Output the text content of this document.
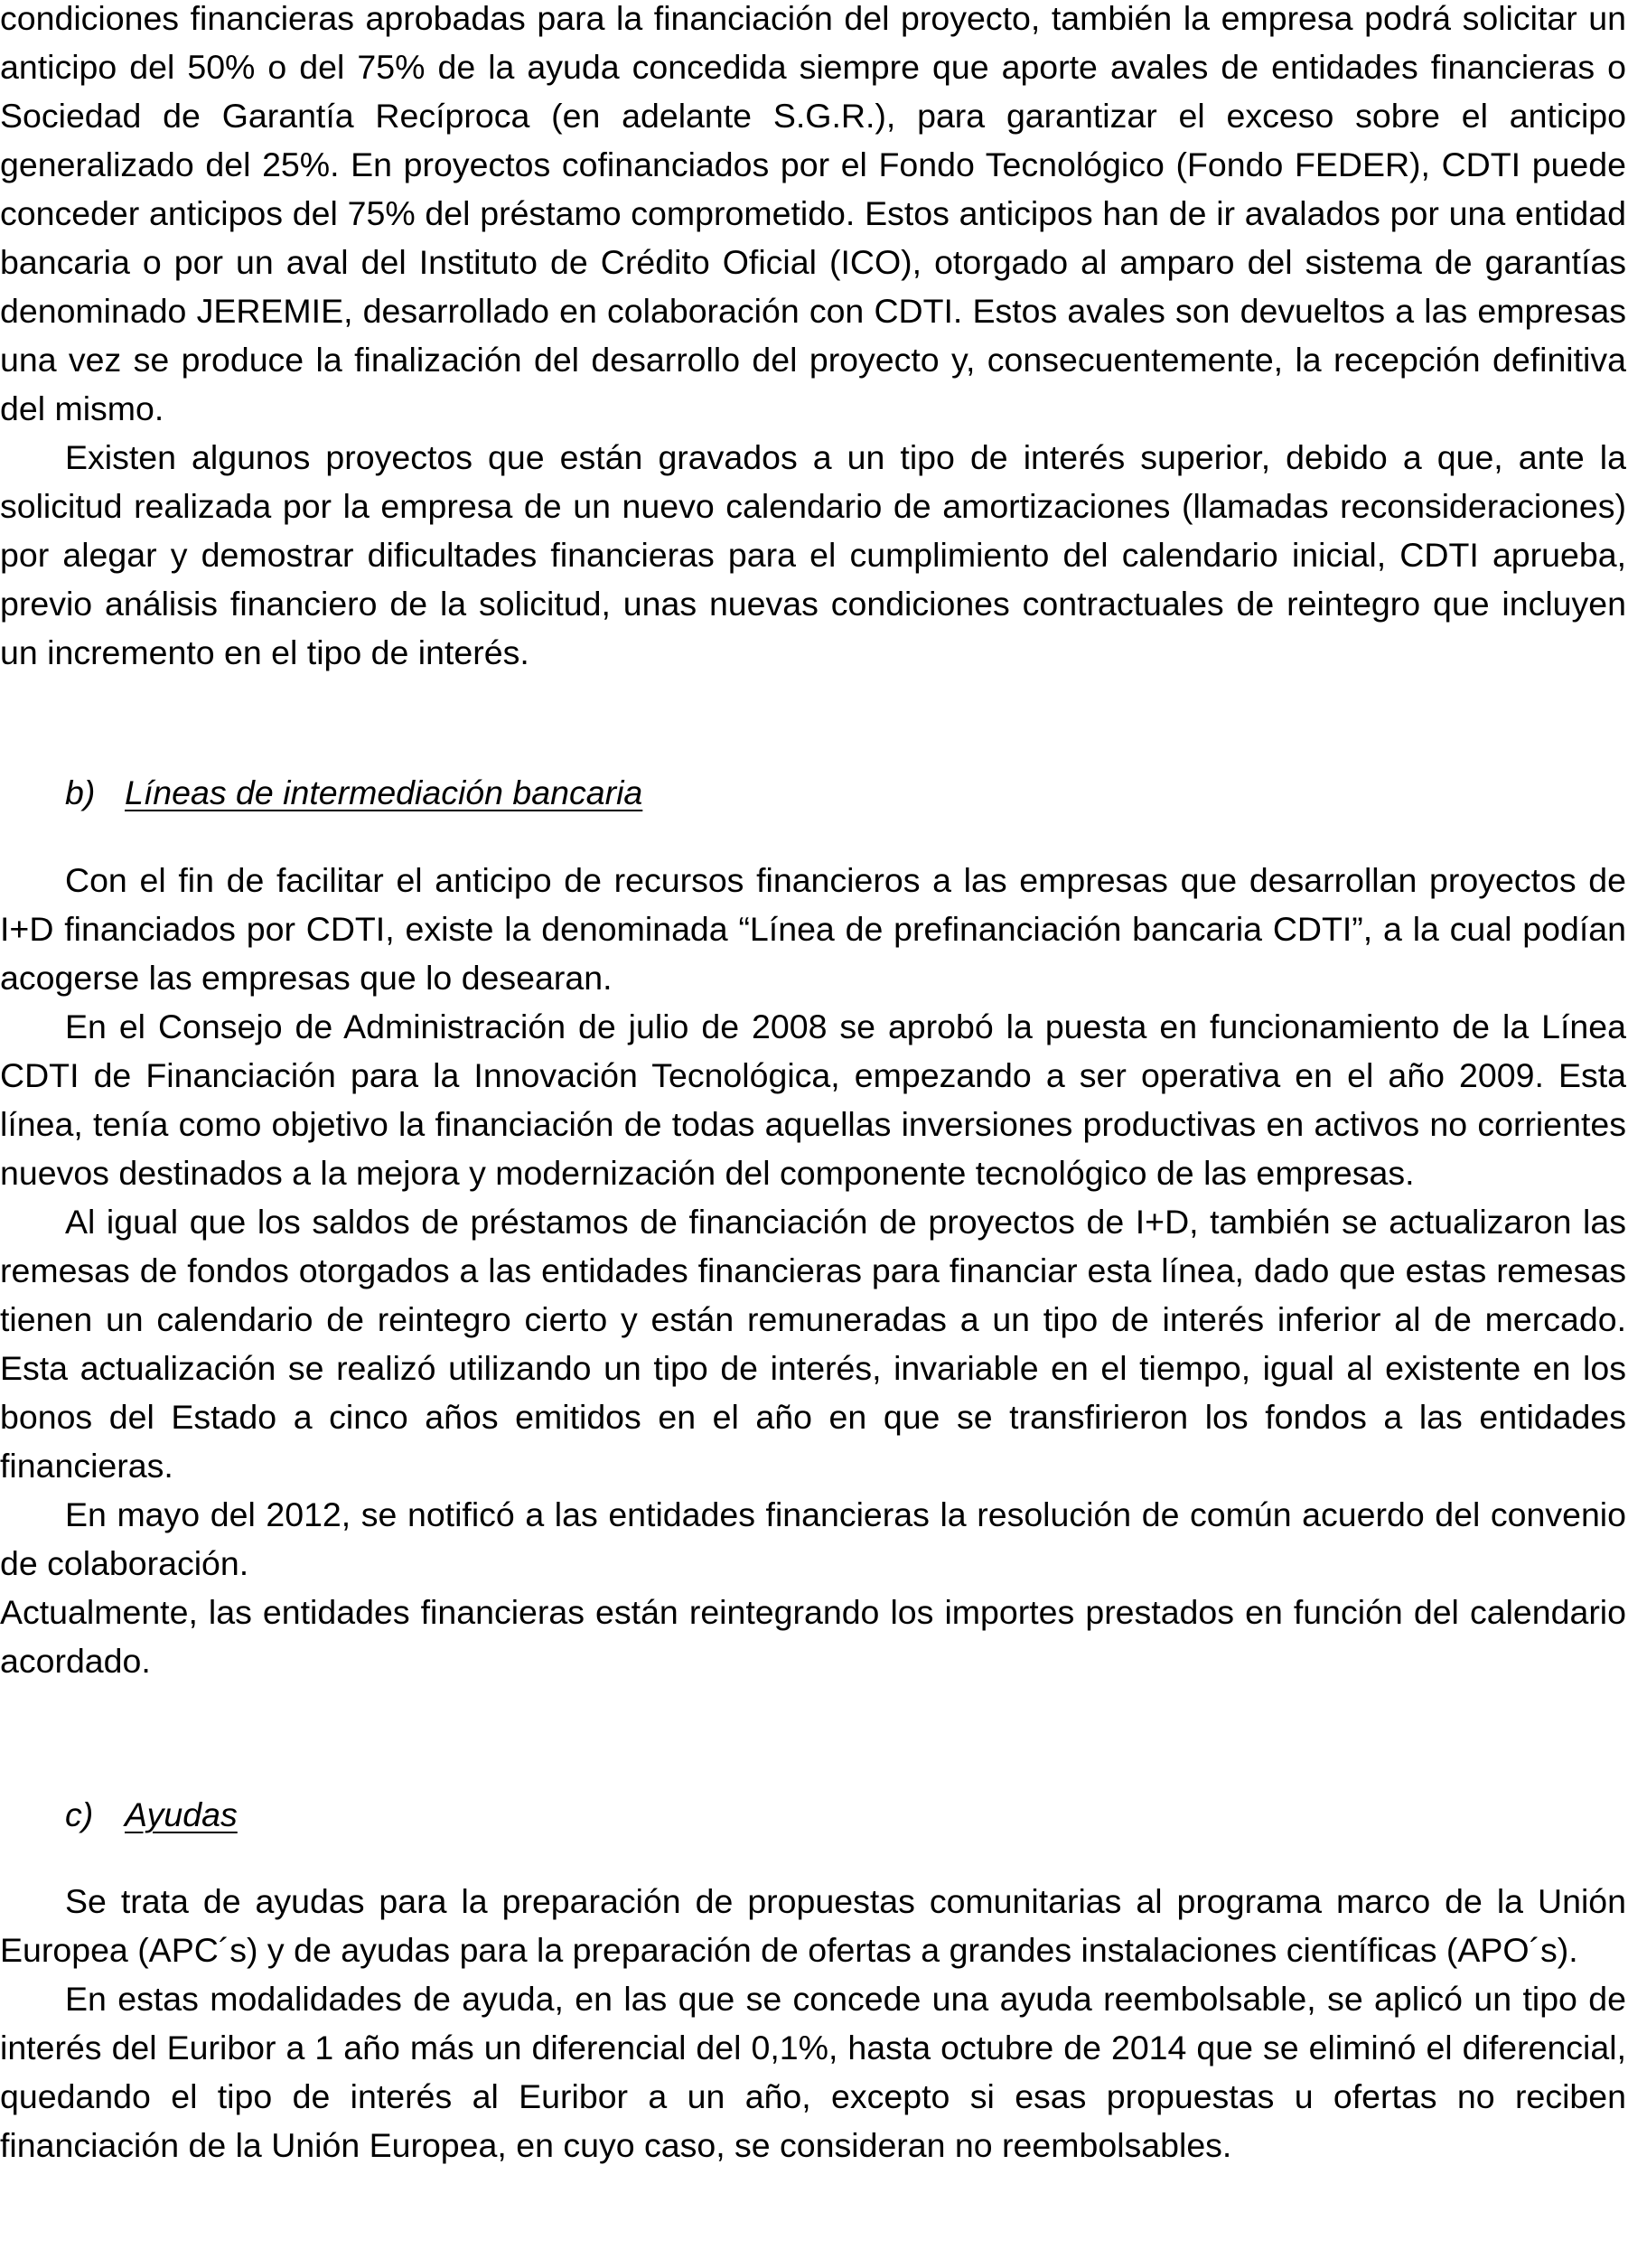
condiciones financieras aprobadas para la financiación del proyecto, también la empresa podrá solicitar un anticipo del 50% o del 75% de la ayuda concedida siempre que aporte avales de entidades financieras o Sociedad de Garantía Recíproca (en adelante S.G.R.), para garantizar el exceso sobre el anticipo generalizado del 25%. En proyectos cofinanciados por el Fondo Tecnológico (Fondo FEDER), CDTI puede conceder anticipos del 75% del préstamo comprometido. Estos anticipos han de ir avalados por una entidad bancaria o por un aval del Instituto de Crédito Oficial (ICO), otorgado al amparo del sistema de garantías denominado JEREMIE, desarrollado en colaboración con CDTI. Estos avales son devueltos a las empresas una vez se produce la finalización del desarrollo del proyecto y, consecuentemente, la recepción definitiva del mismo.

Existen algunos proyectos que están gravados a un tipo de interés superior, debido a que, ante la solicitud realizada por la empresa de un nuevo calendario de amortizaciones (llamadas reconsideraciones) por alegar y demostrar dificultades financieras para el cumplimiento del calendario inicial, CDTI aprueba, previo análisis financiero de la solicitud, unas nuevas condiciones contractuales de reintegro que incluyen un incremento en el tipo de interés.

b) Líneas de intermediación bancaria

Con el fin de facilitar el anticipo de recursos financieros a las empresas que desarrollan proyectos de I+D financiados por CDTI, existe la denominada “Línea de prefinanciación bancaria CDTI”, a la cual podían acogerse las empresas que lo desearan.

En el Consejo de Administración de julio de 2008 se aprobó la puesta en funcionamiento de la Línea CDTI de Financiación para la Innovación Tecnológica, empezando a ser operativa en el año 2009. Esta línea, tenía como objetivo la financiación de todas aquellas inversiones productivas en activos no corrientes nuevos destinados a la mejora y modernización del componente tecnológico de las empresas.

Al igual que los saldos de préstamos de financiación de proyectos de I+D, también se actualizaron las remesas de fondos otorgados a las entidades financieras para financiar esta línea, dado que estas remesas tienen un calendario de reintegro cierto y están remuneradas a un tipo de interés inferior al de mercado. Esta actualización se realizó utilizando un tipo de interés, invariable en el tiempo, igual al existente en los bonos del Estado a cinco años emitidos en el año en que se transfirieron los fondos a las entidades financieras.

En mayo del 2012, se notificó a las entidades financieras la resolución de común acuerdo del convenio de colaboración.

Actualmente, las entidades financieras están reintegrando los importes prestados en función del calendario acordado.

c) Ayudas

Se trata de ayudas para la preparación de propuestas comunitarias al programa marco de la Unión Europea (APC´s) y de ayudas para la preparación de ofertas a grandes instalaciones científicas (APO´s).

En estas modalidades de ayuda, en las que se concede una ayuda reembolsable, se aplicó un tipo de interés del Euribor a 1 año más un diferencial del 0,1%, hasta octubre de 2014 que se eliminó el diferencial, quedando el tipo de interés al Euribor a un año, excepto si esas propuestas u ofertas no reciben financiación de la Unión Europea, en cuyo caso, se consideran no reembolsables.
